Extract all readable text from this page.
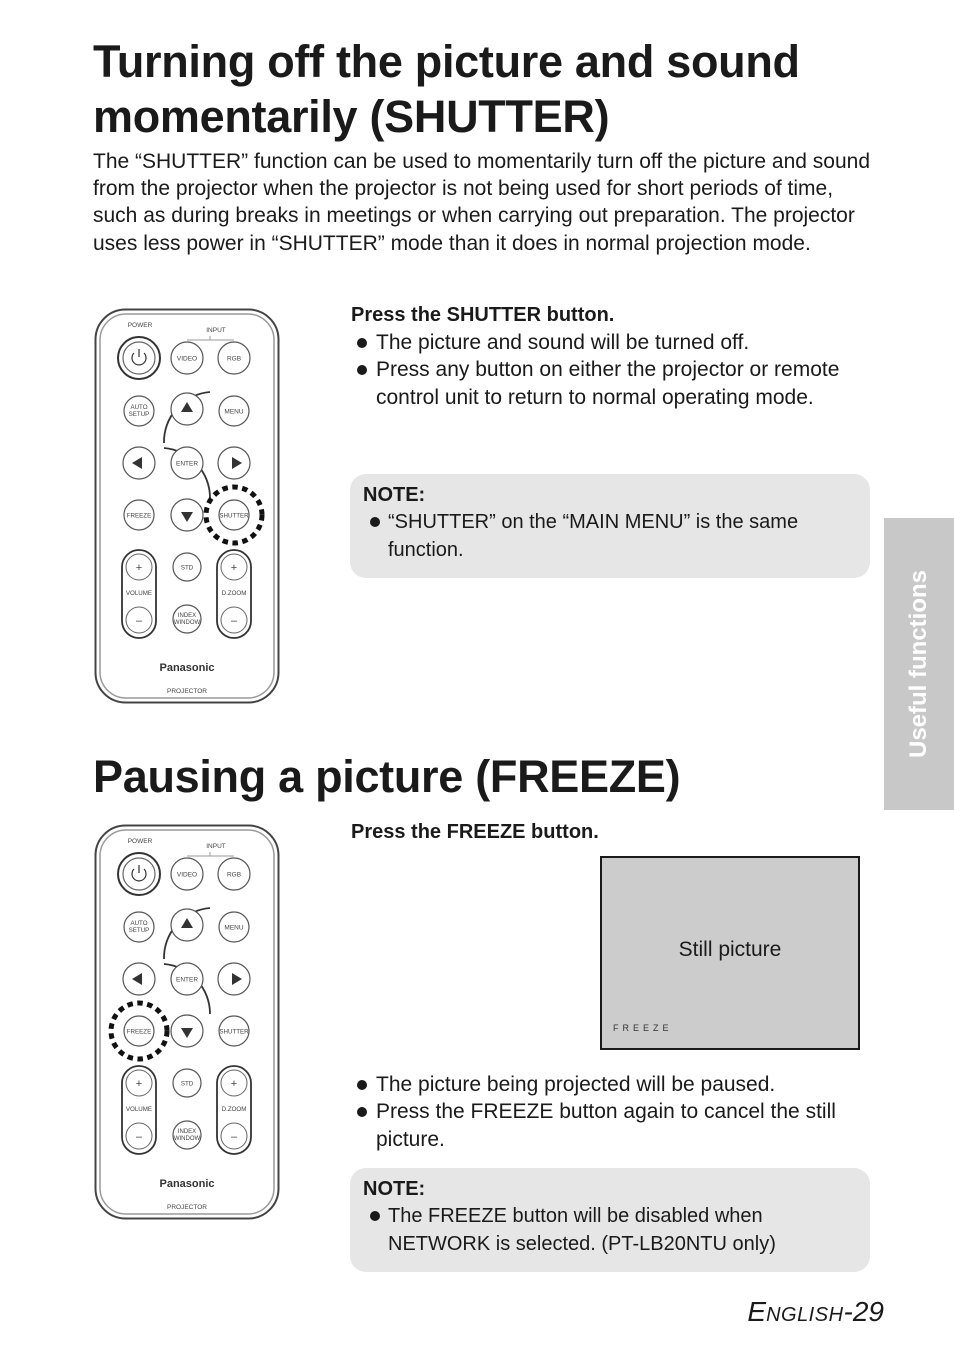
Turning off the picture and sound
momentarily (SHUTTER)
The “SHUTTER” function can be used to momentarily turn off the picture and sound from the projector when the projector is not being used for short periods of time, such as during breaks in meetings or when carrying out preparation. The projector uses less power in “SHUTTER” mode than it does in normal projection mode.
POWER
INPUT
VIDEO	RGB
AUTO
SETUP	MENU
ENTER
FREEZE	SHUTTER
+
–
VOLUME
STD
INDEX
WINDOW
+
–
D.ZOOM
Panasonic
PROJECTOR
Press the SHUTTER button.
The picture and sound will be turned off.
Press any button on either the projector or remote control unit to return to normal operating mode.
NOTE:
“SHUTTER” on the “MAIN MENU” is the same function.
Useful functions
Pausing a picture (FREEZE)
POWER
INPUT
VIDEO	RGB
AUTO
SETUP	MENU
ENTER
FREEZE	SHUTTER
+
–
VOLUME
STD
INDEX
WINDOW
+
–
D.ZOOM
Panasonic
PROJECTOR
Press the FREEZE button.
Still picture
FREEZE
The picture being projected will be paused.
Press the FREEZE button again to cancel the still picture.
NOTE:
The FREEZE button will be disabled when NETWORK is selected. (PT-LB20NTU only)
ENGLISH-29
